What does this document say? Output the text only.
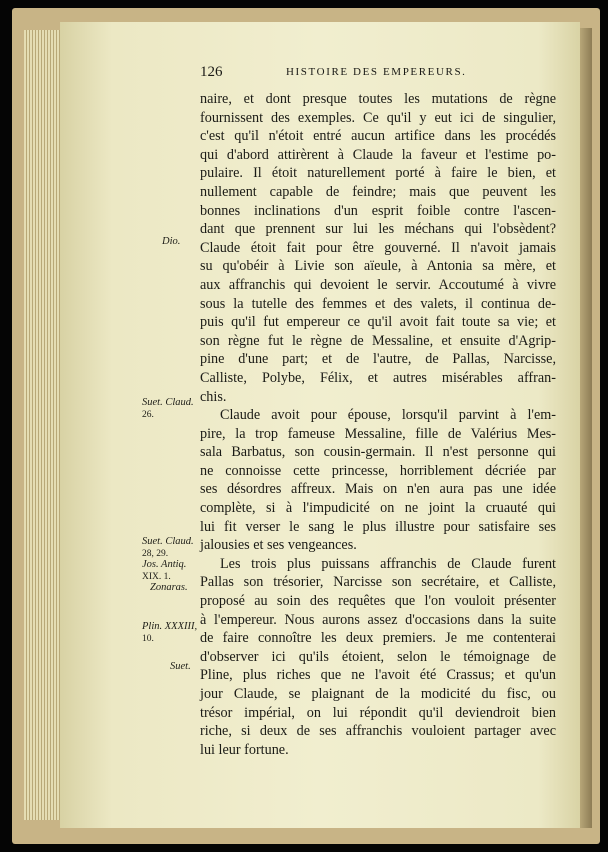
126	HISTOIRE DES EMPEREURS.
naire, et dont presque toutes les mutations de règne
fournissent des exemples. Ce qu'il y eut ici de singulier,
c'est qu'il n'étoit entré aucun artifice dans les procédés
qui d'abord attirèrent à Claude la faveur et l'estime po-
pulaire. Il étoit naturellement porté à faire le bien, et
nullement capable de feindre; mais que peuvent les
bonnes inclinations d'un esprit foible contre l'ascen-
dant que prennent sur lui les méchans qui l'obsèdent?
Claude étoit fait pour être gouverné. Il n'avoit jamais
su qu'obéir à Livie son aïeule, à Antonia sa mère, et
aux affranchis qui devoient le servir. Accoutumé à vivre
sous la tutelle des femmes et des valets, il continua de-
puis qu'il fut empereur ce qu'il avoit fait toute sa vie; et
son règne fut le règne de Messaline, et ensuite d'Agrip-
pine d'une part; et de l'autre, de Pallas, Narcisse,
Calliste, Polybe, Félix, et autres misérables affran-
chis.
Claude avoit pour épouse, lorsqu'il parvint à l'em-
pire, la trop fameuse Messaline, fille de Valérius Mes-
sala Barbatus, son cousin-germain. Il n'est personne qui
ne connoisse cette princesse, horriblement décriée par
ses désordres affreux. Mais on n'en aura pas une idée
complète, si à l'impudicité on ne joint la cruauté qui
lui fit verser le sang le plus illustre pour satisfaire ses
jalousies et ses vengeances.
Les trois plus puissans affranchis de Claude furent
Pallas son trésorier, Narcisse son secrétaire, et Calliste,
proposé au soin des requêtes que l'on vouloit présenter
à l'empereur. Nous aurons assez d'occasions dans la suite
de faire connoître les deux premiers. Je me contenterai
d'observer ici qu'ils étoient, selon le témoignage de
Pline, plus riches que ne l'avoit été Crassus; et qu'un
jour Claude, se plaignant de la modicité du fisc, ou
trésor impérial, on lui répondit qu'il deviendroit bien
riche, si deux de ses affranchis vouloient partager avec
lui leur fortune.
Dio.
Suet. Claud.
26.
Suet. Claud.
28, 29.
Jos. Antiq.
XIX. 1.
Zonaras.
Plin. XXXIII,
10.
Suet.
